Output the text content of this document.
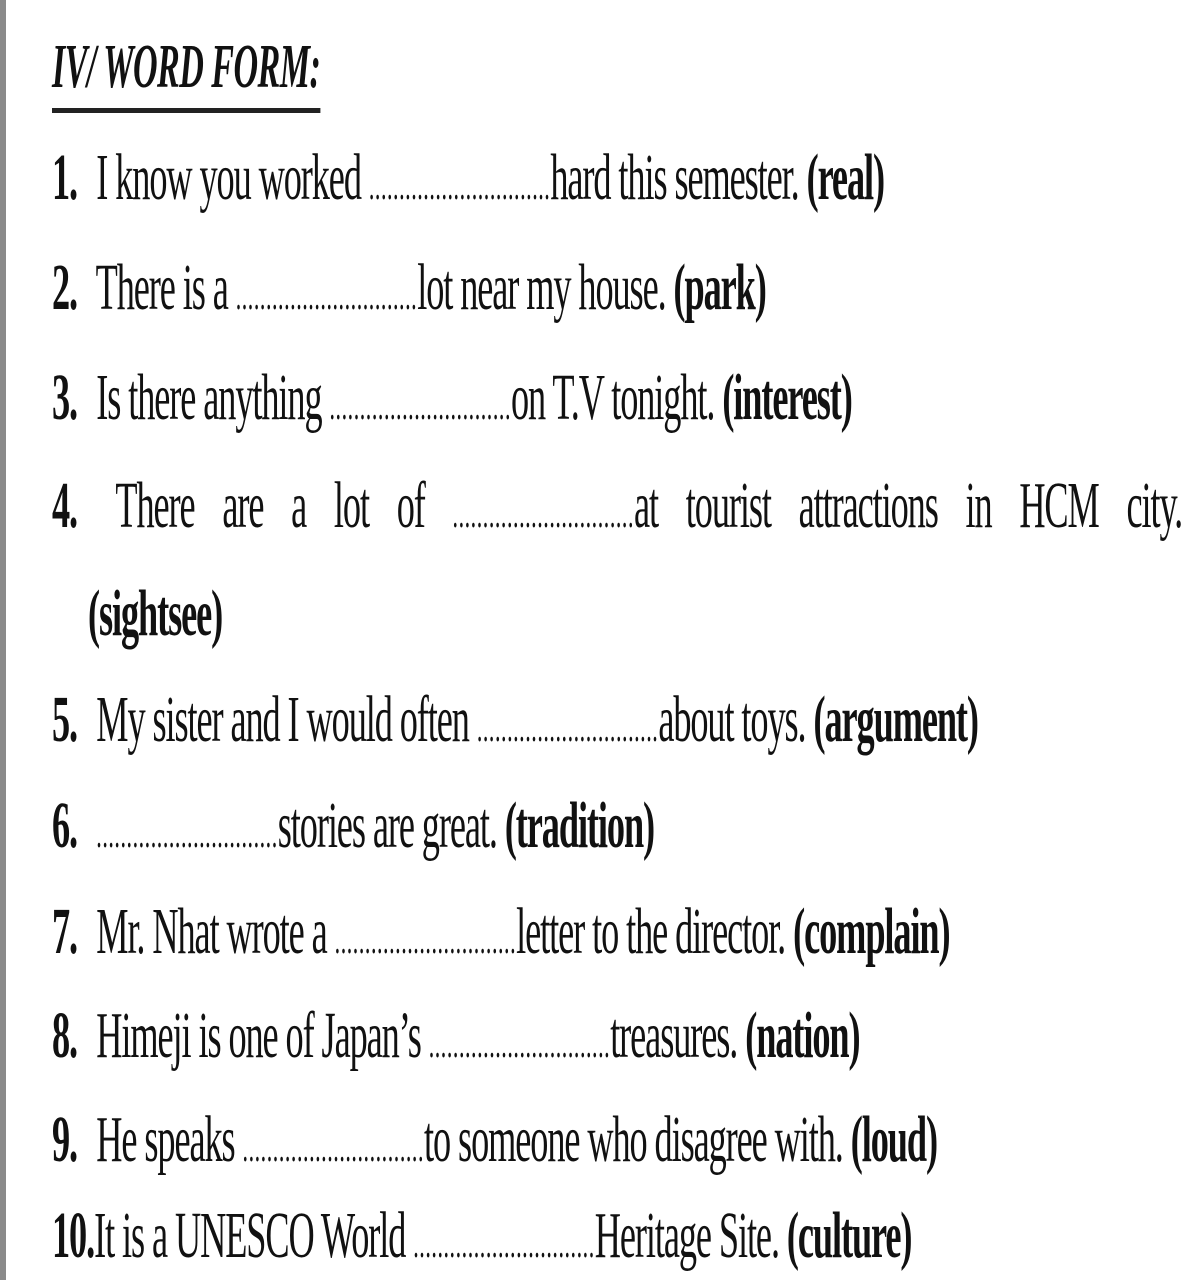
IV/ WORD FORM:
1. I know you worked ..............................hard this semester. (real)
2. There is a ..............................lot near my house. (park)
3. Is there anything ..............................on T.V tonight. (interest)
4. There are a lot of ..............................at tourist attractions in HCM city.
(sightsee)
5. My sister and I would often ..............................about toys. (argument)
6. ..............................stories are great. (tradition)
7. Mr. Nhat wrote a ..............................letter to the director. (complain)
8. Himeji is one of Japan’s ..............................treasures. (nation)
9. He speaks ..............................to someone who disagree with. (loud)
10.It is a UNESCO World ..............................Heritage Site. (culture)
